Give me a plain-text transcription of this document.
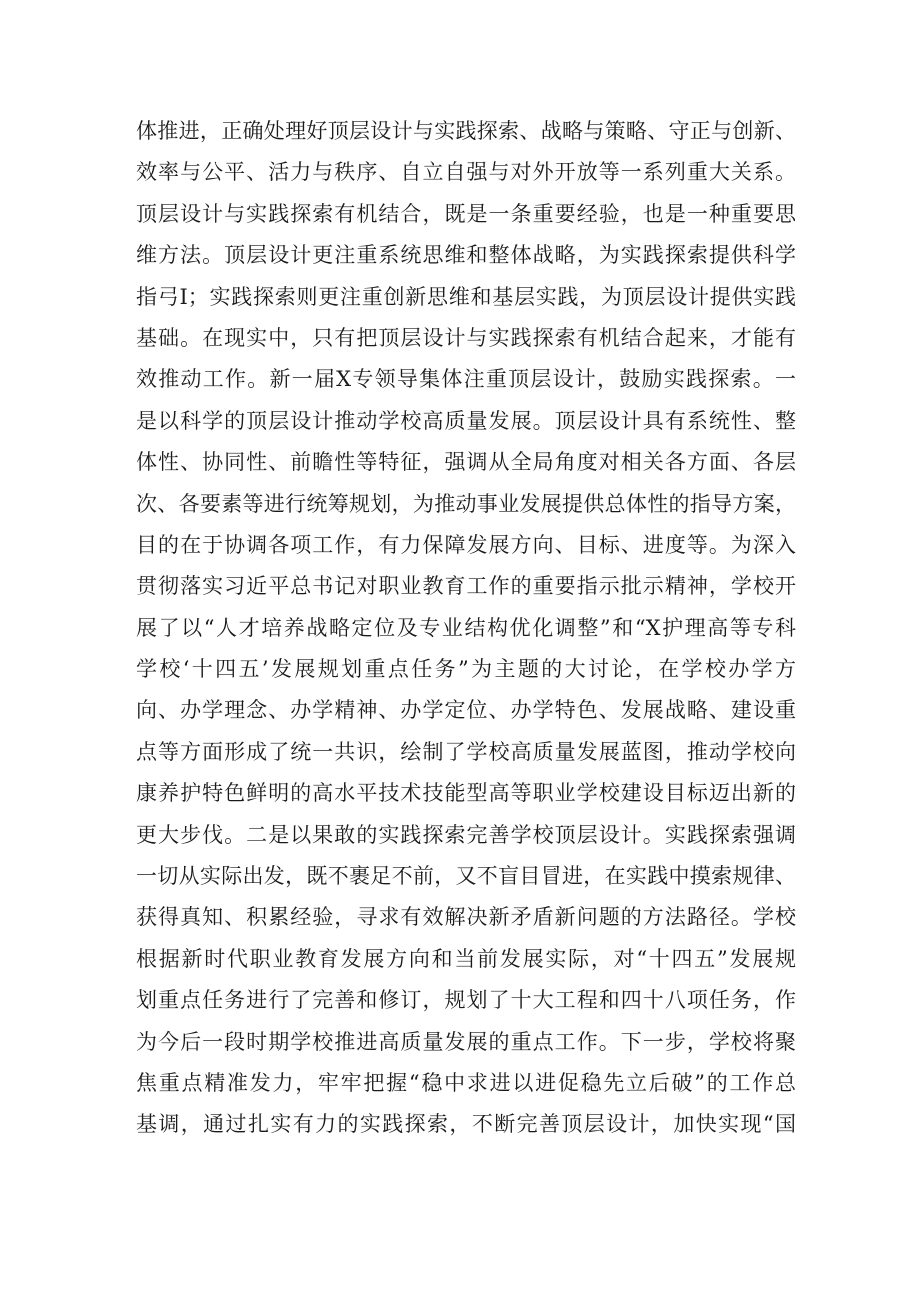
体推进，正确处理好顶层设计与实践探索、战略与策略、守正与创新、
效率与公平、活力与秩序、自立自强与对外开放等一系列重大关系。
顶层设计与实践探索有机结合，既是一条重要经验，也是一种重要思
维方法。顶层设计更注重系统思维和整体战略，为实践探索提供科学
指弓I；实践探索则更注重创新思维和基层实践，为顶层设计提供实践
基础。在现实中，只有把顶层设计与实践探索有机结合起来，才能有
效推动工作。新一届X专领导集体注重顶层设计，鼓励实践探索。一
是以科学的顶层设计推动学校高质量发展。顶层设计具有系统性、整
体性、协同性、前瞻性等特征，强调从全局角度对相关各方面、各层
次、各要素等进行统筹规划，为推动事业发展提供总体性的指导方案，
目的在于协调各项工作，有力保障发展方向、目标、进度等。为深入
贯彻落实习近平总书记对职业教育工作的重要指示批示精神，学校开
展了以“人才培养战略定位及专业结构优化调整”和“X护理高等专科
学校‘十四五’发展规划重点任务”为主题的大讨论，在学校办学方
向、办学理念、办学精神、办学定位、办学特色、发展战略、建设重
点等方面形成了统一共识，绘制了学校高质量发展蓝图，推动学校向
康养护特色鲜明的高水平技术技能型高等职业学校建设目标迈出新的
更大步伐。二是以果敢的实践探索完善学校顶层设计。实践探索强调
一切从实际出发，既不裹足不前，又不盲目冒进，在实践中摸索规律、
获得真知、积累经验，寻求有效解决新矛盾新问题的方法路径。学校
根据新时代职业教育发展方向和当前发展实际，对“十四五”发展规
划重点任务进行了完善和修订，规划了十大工程和四十八项任务，作
为今后一段时期学校推进高质量发展的重点工作。下一步，学校将聚
焦重点精准发力，牢牢把握“稳中求进以进促稳先立后破”的工作总
基调，通过扎实有力的实践探索，不断完善顶层设计，加快实现“国
